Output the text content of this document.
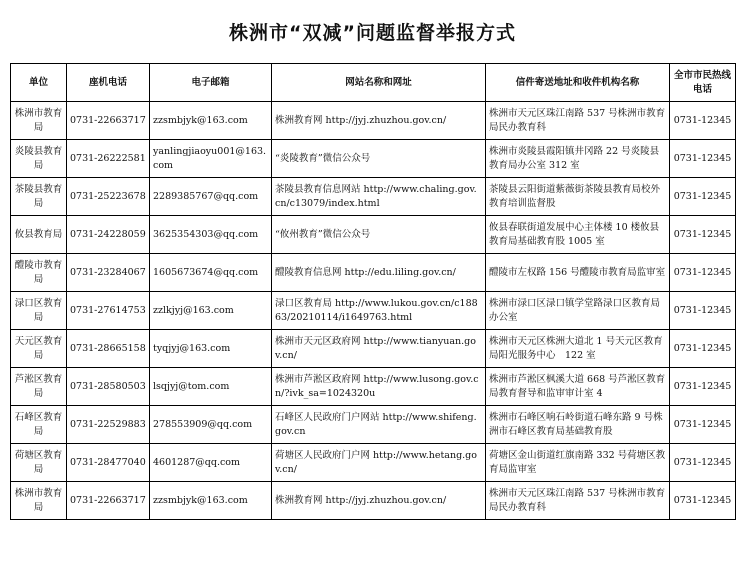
株洲市“双减”问题监督举报方式
单位	座机电话	电子邮箱	网站名称和网址	信件寄送地址和收件机构名称	全市市民热线电话
株洲市教育局	0731-22663717	zzsmbjyk@163.com	株洲教育网 http://jyj.zhuzhou.gov.cn/	株洲市天元区珠江南路 537 号株洲市教育局民办教育科	0731-12345
炎陵县教育局	0731-26222581	yanlingjiaoyu001@163.com	“炎陵教育”微信公众号	株洲市炎陵县霞阳镇井冈路 22 号炎陵县教育局办公室 312 室	0731-12345
茶陵县教育局	0731-25223678	2289385767@qq.com	茶陵县教育信息网站 http://www.chaling.gov.cn/c13079/index.html	茶陵县云阳街道紫薇街茶陵县教育局校外教育培训监督股	0731-12345
攸县教育局	0731-24228059	3625354303@qq.com	“攸州教育”微信公众号	攸县春联街道发展中心主体楼 10 楼攸县教育局基础教育股 1005 室	0731-12345
醴陵市教育局	0731-23284067	1605673674@qq.com	醴陵教育信息网 http://edu.liling.gov.cn/	醴陵市左权路 156 号醴陵市教育局监审室	0731-12345
渌口区教育局	0731-27614753	zzlkjyj@163.com	渌口区教育局 http://www.lukou.gov.cn/c18863/20210114/i1649763.html	株洲市渌口区渌口镇学堂路渌口区教育局办公室	0731-12345
天元区教育局	0731-28665158	tyqjyj@163.com	株洲市天元区政府网 http://www.tianyuan.gov.cn/	株洲市天元区株洲大道北 1 号天元区教育局阳光服务中心　122 室	0731-12345
芦淞区教育局	0731-28580503	lsqjyj@tom.com	株洲市芦淞区政府网 http://www.lusong.gov.cn/?ivk_sa=1024320u	株洲市芦淞区枫溪大道 668 号芦淞区教育局教育督导和监审审计室 4	0731-12345
石峰区教育局	0731-22529883	278553909@qq.com	石峰区人民政府门户网站 http://www.shifeng.gov.cn	株洲市石峰区响石岭街道石峰东路 9 号株洲市石峰区教育局基础教育股	0731-12345
荷塘区教育局	0731-28477040	4601287@qq.com	荷塘区人民政府门户网 http://www.hetang.gov.cn/	荷塘区金山街道红旗南路 332 号荷塘区教育局监审室	0731-12345
株洲市教育局	0731-22663717	zzsmbjyk@163.com	株洲教育网 http://jyj.zhuzhou.gov.cn/	株洲市天元区珠江南路 537 号株洲市教育局民办教育科	0731-12345
